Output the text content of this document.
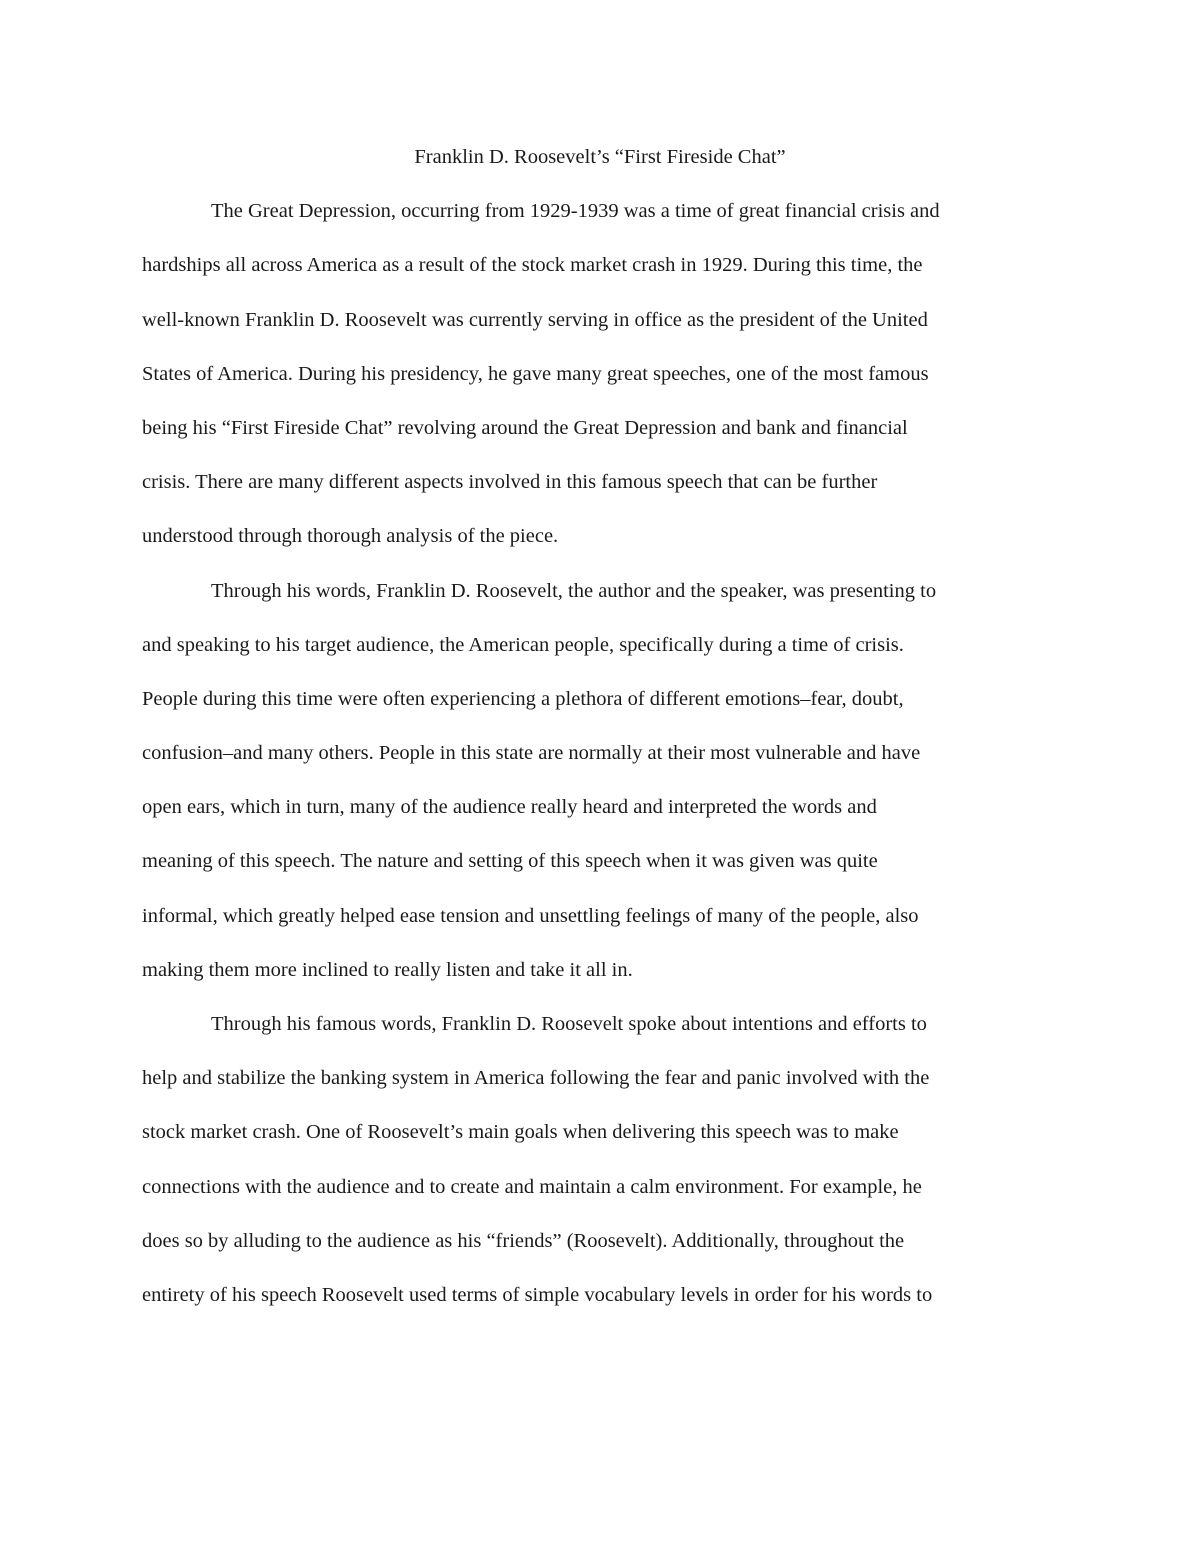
Franklin D. Roosevelt’s “First Fireside Chat”
The Great Depression, occurring from 1929-1939 was a time of great financial crisis and
hardships all across America as a result of the stock market crash in 1929. During this time, the
well-known Franklin D. Roosevelt was currently serving in office as the president of the United
States of America. During his presidency, he gave many great speeches, one of the most famous
being his “First Fireside Chat” revolving around the Great Depression and bank and financial
crisis. There are many different aspects involved in this famous speech that can be further
understood through thorough analysis of the piece.
Through his words, Franklin D. Roosevelt, the author and the speaker, was presenting to
and speaking to his target audience, the American people, specifically during a time of crisis.
People during this time were often experiencing a plethora of different emotions–fear, doubt,
confusion–and many others. People in this state are normally at their most vulnerable and have
open ears, which in turn, many of the audience really heard and interpreted the words and
meaning of this speech. The nature and setting of this speech when it was given was quite
informal, which greatly helped ease tension and unsettling feelings of many of the people, also
making them more inclined to really listen and take it all in.
Through his famous words, Franklin D. Roosevelt spoke about intentions and efforts to
help and stabilize the banking system in America following the fear and panic involved with the
stock market crash. One of Roosevelt’s main goals when delivering this speech was to make
connections with the audience and to create and maintain a calm environment. For example, he
does so by alluding to the audience as his “friends” (Roosevelt). Additionally, throughout the
entirety of his speech Roosevelt used terms of simple vocabulary levels in order for his words to
